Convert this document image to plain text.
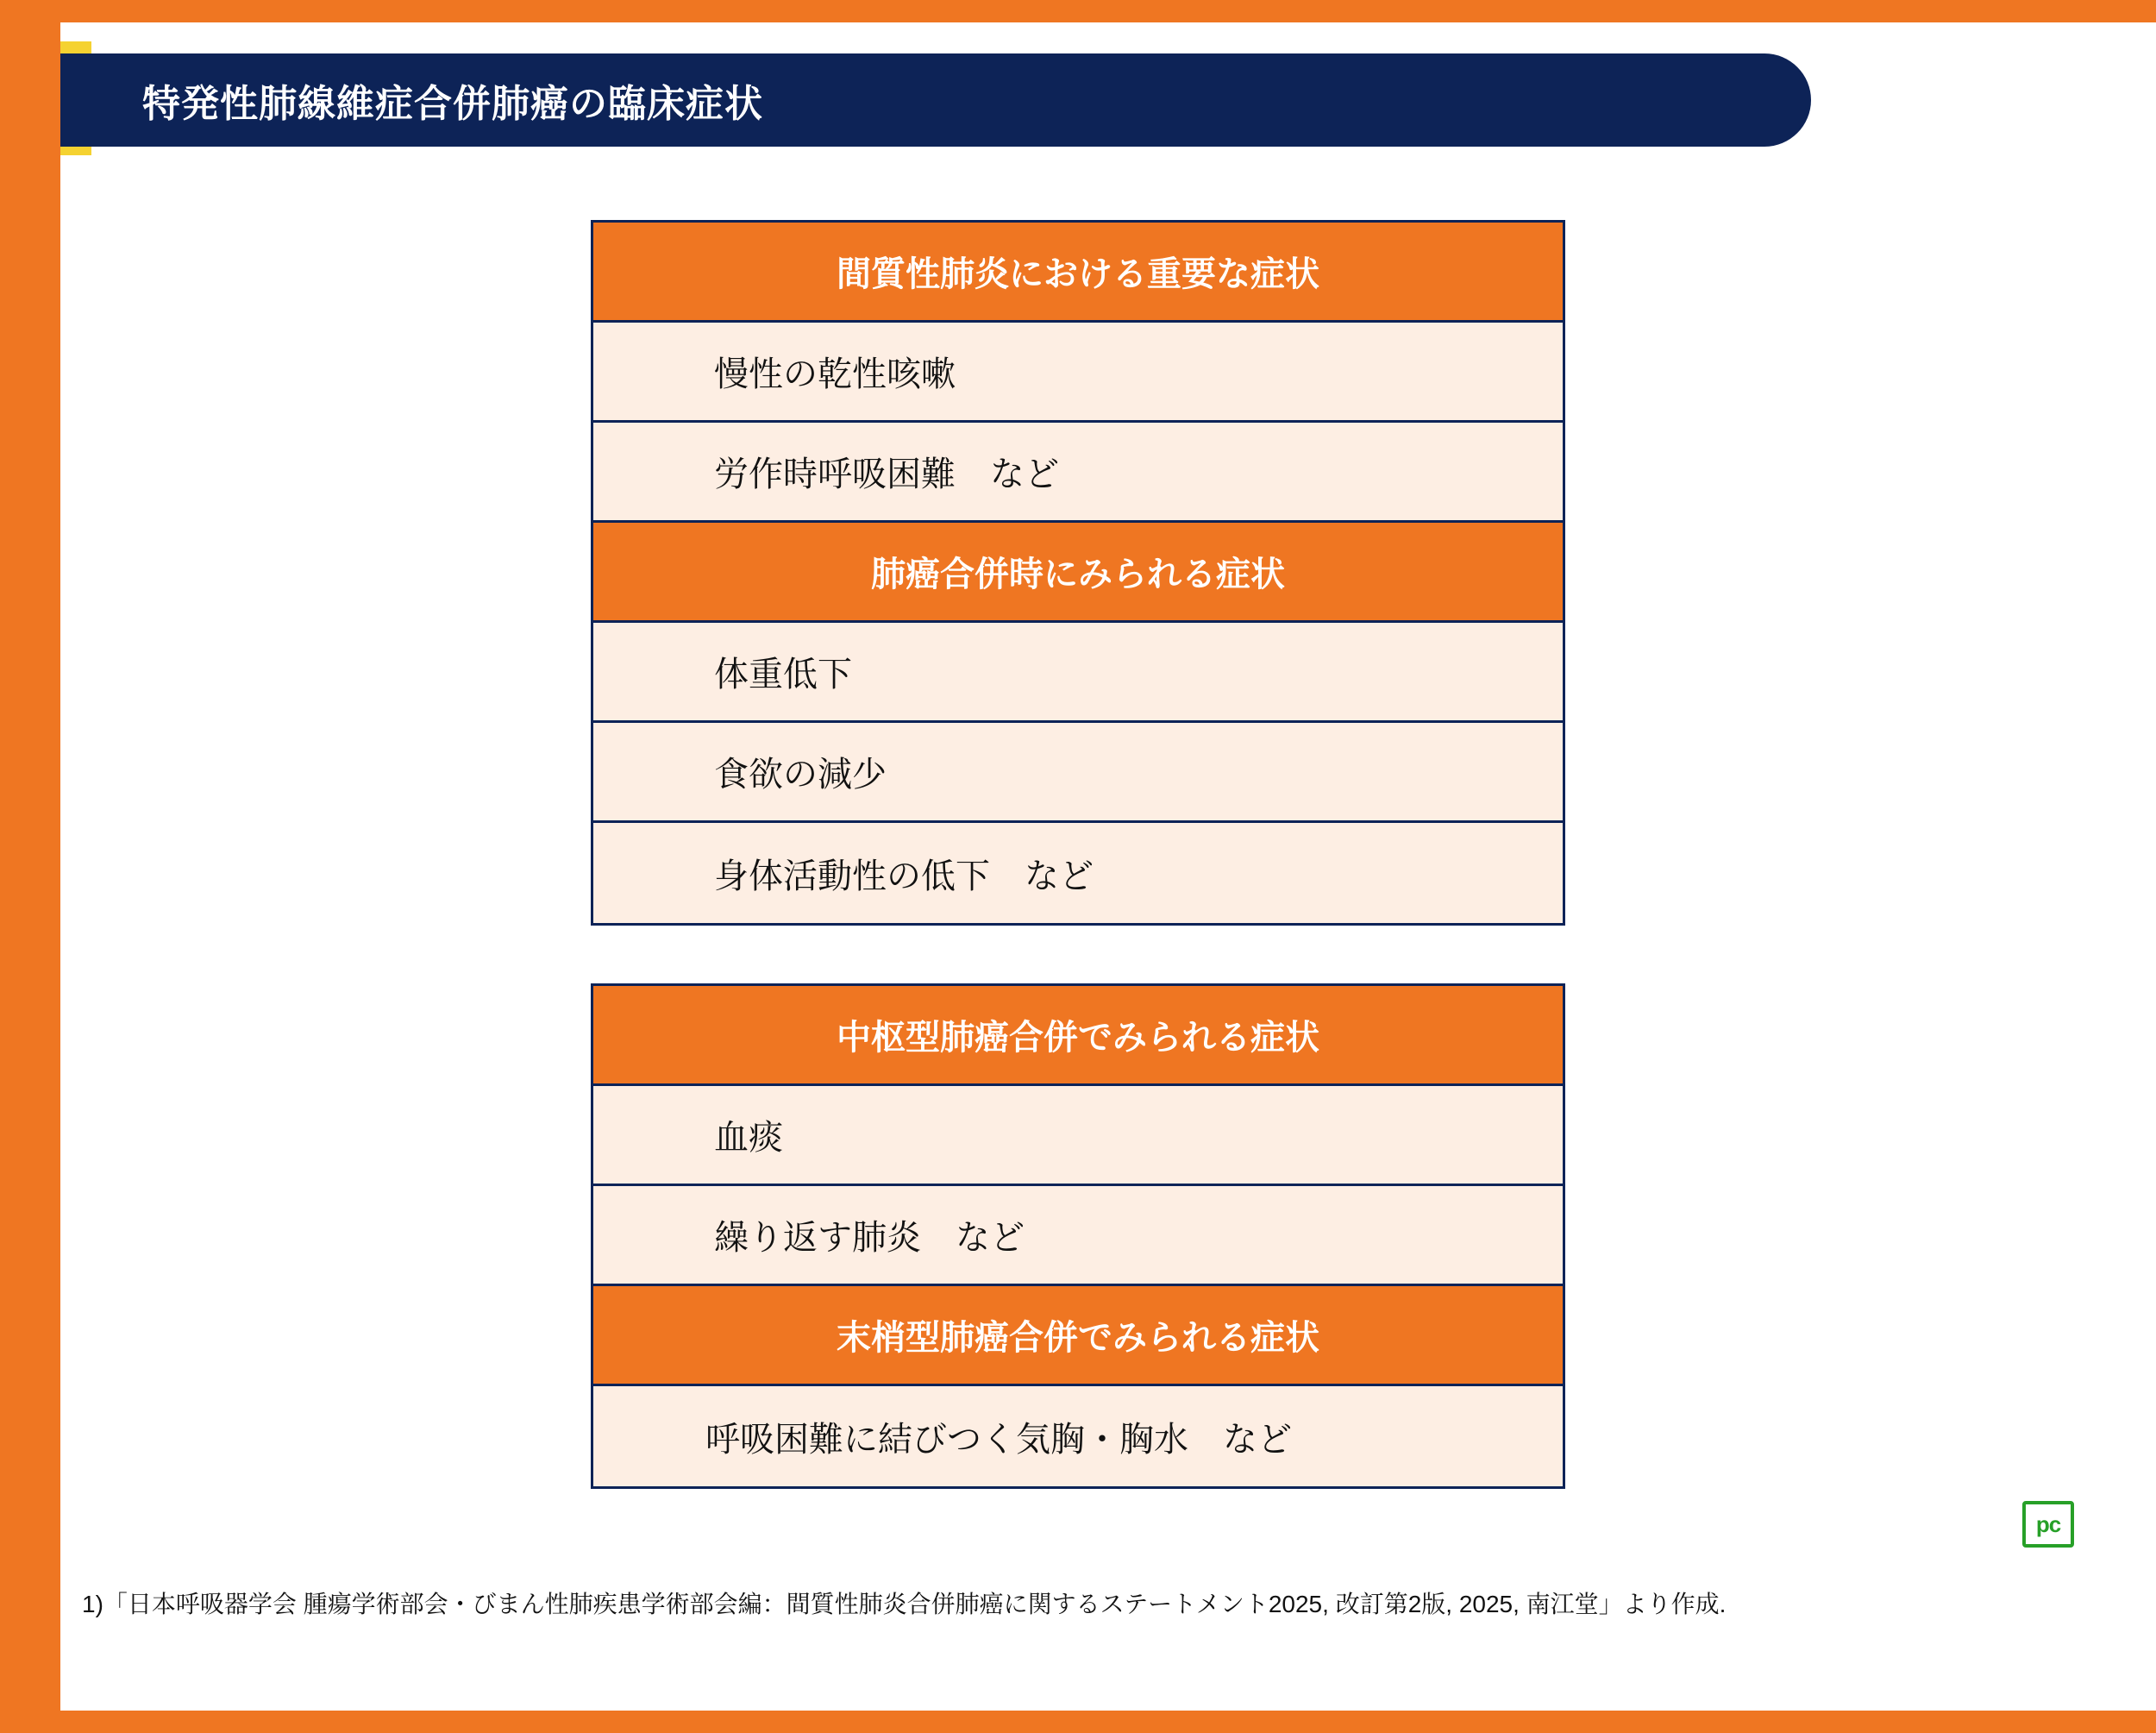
特発性肺線維症合併肺癌の臨床症状
間質性肺炎における重要な症状
慢性の乾性咳嗽
労作時呼吸困難　など
肺癌合併時にみられる症状
体重低下
食欲の減少
身体活動性の低下　など
中枢型肺癌合併でみられる症状
血痰
繰り返す肺炎　など
末梢型肺癌合併でみられる症状
呼吸困難に結びつく気胸・胸水　など
pc
1)「日本呼吸器学会 腫瘍学術部会・びまん性肺疾患学術部会編：間質性肺炎合併肺癌に関するステートメント2025, 改訂第2版, 2025, 南江堂」より作成.
